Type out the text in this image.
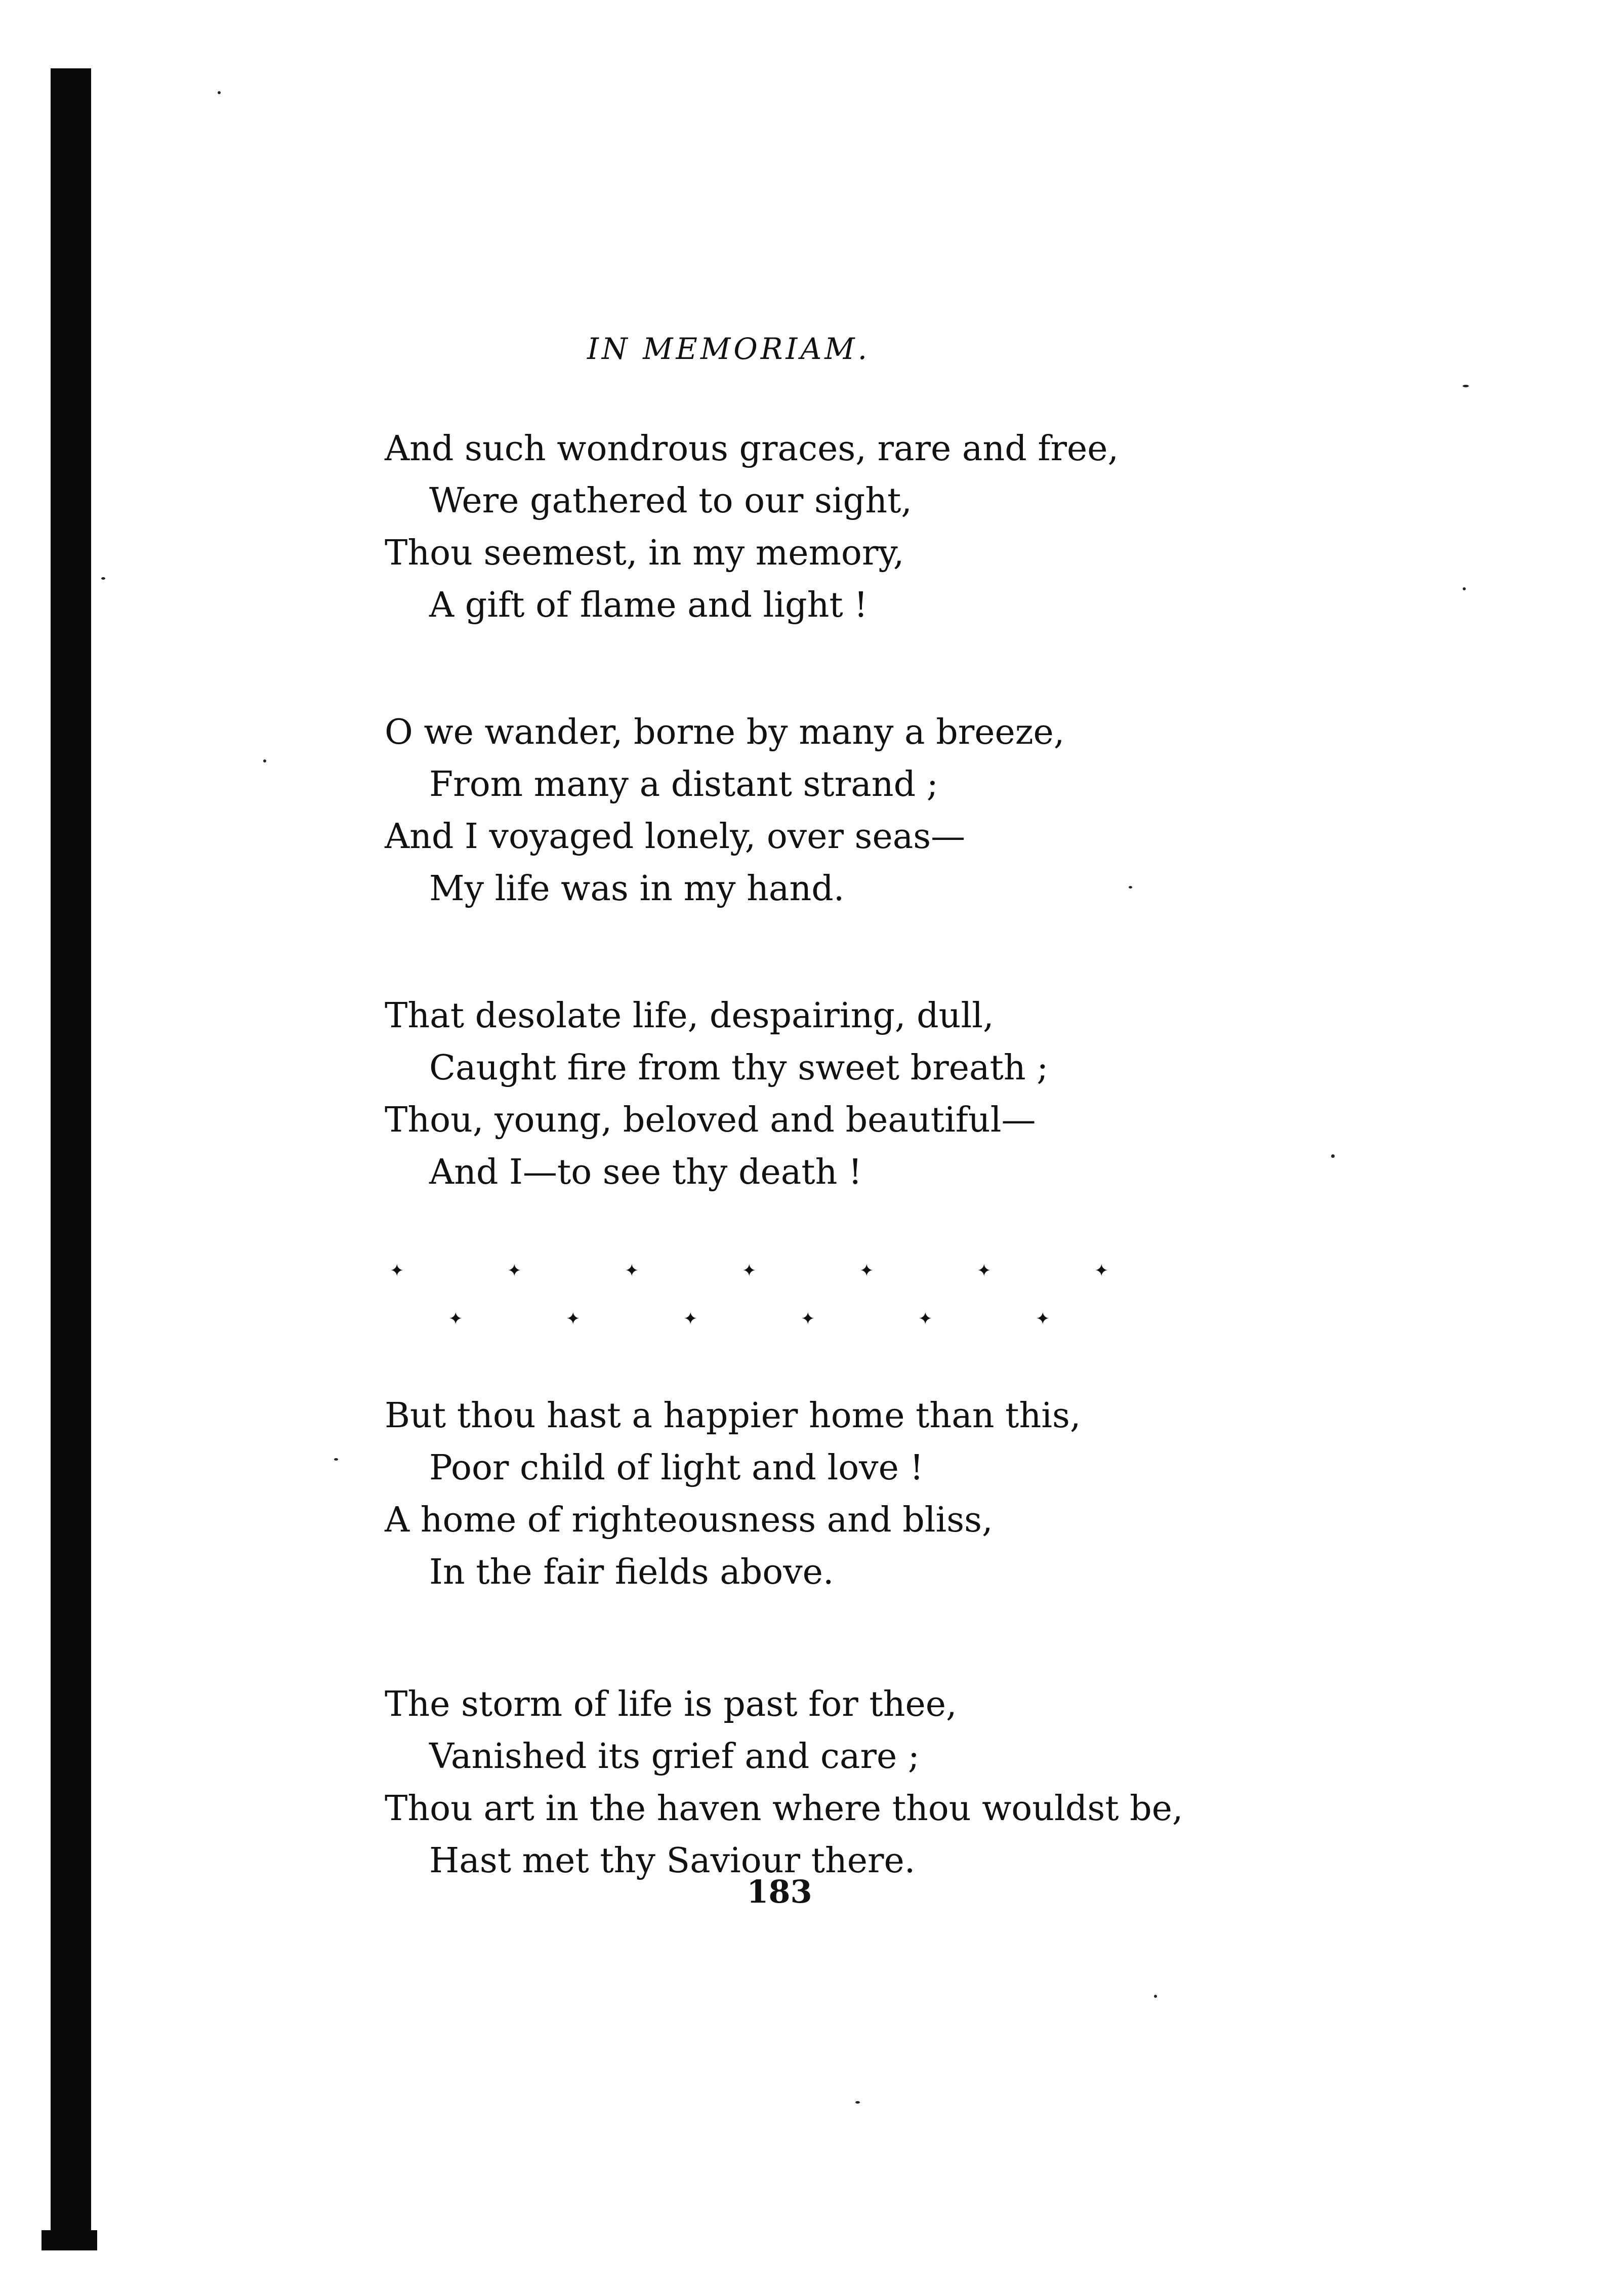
IN MEMORIAM.
And such wondrous graces, rare and free,
Were gathered to our sight,
Thou seemest, in my memory,
A gift of flame and light !
O we wander, borne by many a breeze,
From many a distant strand ;
And I voyaged lonely, over seas—
My life was in my hand.
That desolate life, despairing, dull,
Caught fire from thy sweet breath ;
Thou, young, beloved and beautiful—
And I—to see thy death !
But thou hast a happier home than this,
Poor child of light and love !
A home of righteousness and bliss,
In the fair fields above.
The storm of life is past for thee,
Vanished its grief and care ;
Thou art in the haven where thou wouldst be,
Hast met thy Saviour there.
✦	✦	✦	✦	✦	✦	✦
✦	✦	✦	✦	✦	✦
183
